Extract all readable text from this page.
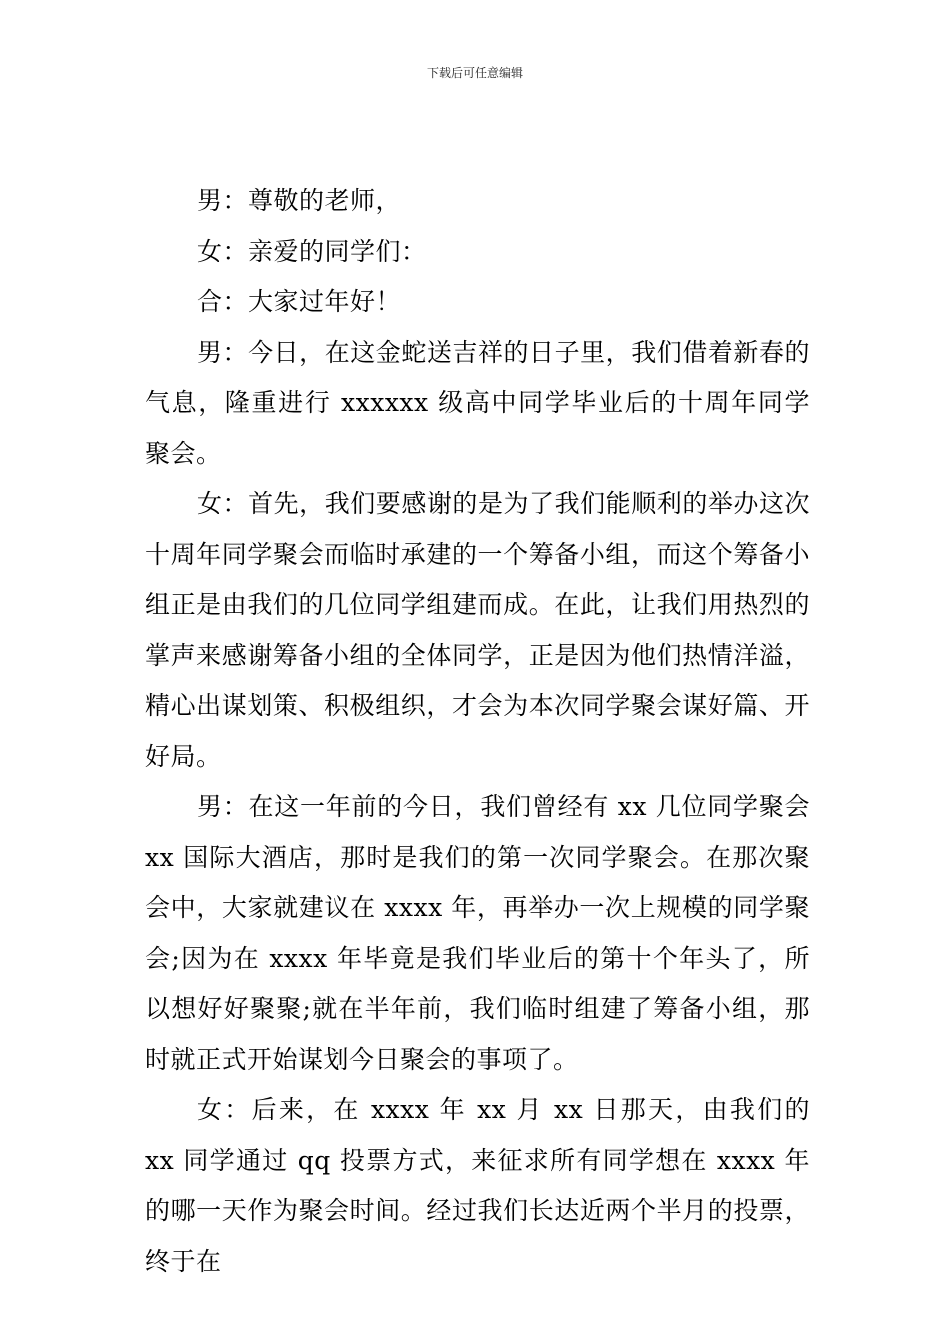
下载后可任意编辑

男：尊敬的老师，

女：亲爱的同学们：

合：大家过年好！

男：今日，在这金蛇送吉祥的日子里，我们借着新春的气息，隆重进行 xxxxxx 级高中同学毕业后的十周年同学聚会。

女：首先，我们要感谢的是为了我们能顺利的举办这次十周年同学聚会而临时承建的一个筹备小组，而这个筹备小组正是由我们的几位同学组建而成。在此，让我们用热烈的掌声来感谢筹备小组的全体同学，正是因为他们热情洋溢，精心出谋划策、积极组织，才会为本次同学聚会谋好篇、开好局。

男：在这一年前的今日，我们曾经有 xx 几位同学聚会 xx 国际大酒店，那时是我们的第一次同学聚会。在那次聚会中，大家就建议在 xxxx 年，再举办一次上规模的同学聚会;因为在 xxxx 年毕竟是我们毕业后的第十个年头了，所以想好好聚聚;就在半年前，我们临时组建了筹备小组，那时就正式开始谋划今日聚会的事项了。

女：后来，在 xxxx 年 xx 月 xx 日那天，由我们的 xx 同学通过 qq 投票方式，来征求所有同学想在 xxxx 年的哪一天作为聚会时间。经过我们长达近两个半月的投票，终于在
